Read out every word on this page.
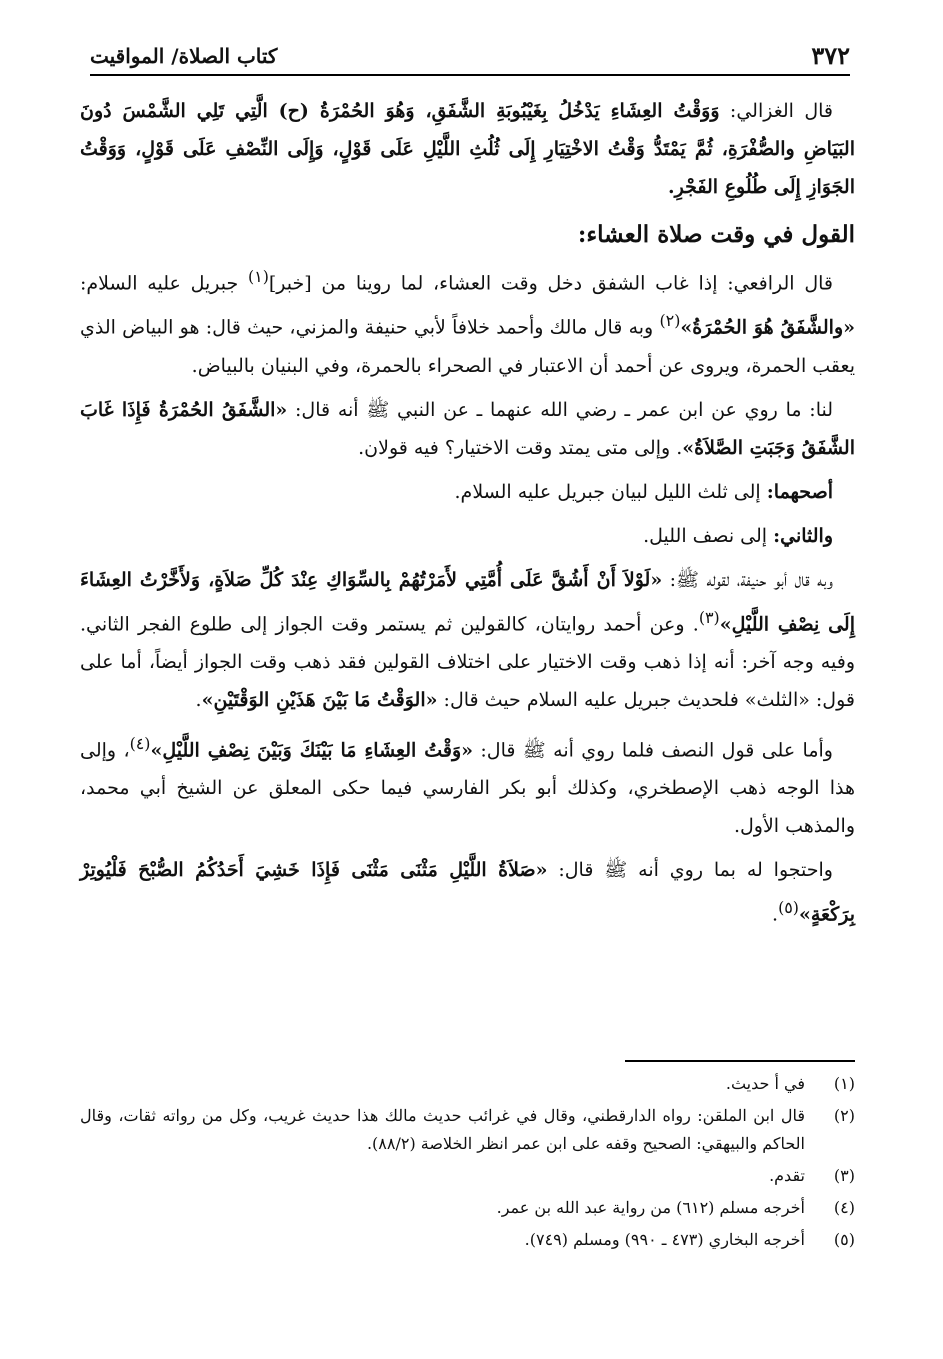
٣٧٢
كتاب الصلاة/ المواقيت

قال الغزالي: وَوَقْتُ العِشَاءِ يَدْخُلُ بِغَيْبُوبَةِ الشَّفَقِ، وَهُوَ الحُمْرَةُ (ح) الَّتِي تَلِي الشَّمْسَ دُونَ البَيَاضِ والصُّفْرَةِ، ثُمَّ يَمْتَدُّ وَقْتُ الاخْتِيَارِ إِلَى ثُلُثِ اللَّيْلِ عَلَى قَوْلٍ، وَإِلَى النِّصْفِ عَلَى قَوْلٍ، وَوَقْتُ الجَوَازِ إِلَى طُلُوعِ الفَجْرِ.

القول في وقت صلاة العشاء:

قال الرافعي: إذا غاب الشفق دخل وقت العشاء، لما روينا من [خبر]$^{(١)}$ جبريل عليه السلام: «والشَّفَقُ هُوَ الحُمْرَةُ»$^{(٢)}$ وبه قال مالك وأحمد خلافاً لأبي حنيفة والمزني، حيث قال: هو البياض الذي يعقب الحمرة، ويروى عن أحمد أن الاعتبار في الصحراء بالحمرة، وفي البنيان بالبياض.

لنا: ما روي عن ابن عمر ـ رضي الله عنهما ـ عن النبي ﷺ أنه قال: «الشَّفَقُ الحُمْرَةُ فَإِذَا غَابَ الشَّفَقُ وَجَبَتِ الصَّلاَةُ». وإلى متى يمتد وقت الاختيار؟ فيه قولان.

أصحهما: إلى ثلث الليل لبيان جبريل عليه السلام.

والثاني: إلى نصف الليل.

وبه قال أبو حنيفة، لقوله ﷺ: «لَوْلاَ أَنْ أَشُقَّ عَلَى أُمَّتِي لأَمَرْتُهُمْ بِالسِّوَاكِ عِنْدَ كُلِّ صَلاَةٍ، وَلأَخَّرْتُ العِشَاءَ إِلَى نِصْفِ اللَّيْلِ»$^{(٣)}$. وعن أحمد روايتان، كالقولين ثم يستمر وقت الجواز إلى طلوع الفجر الثاني. وفيه وجه آخر: أنه إذا ذهب وقت الاختيار على اختلاف القولين فقد ذهب وقت الجواز أيضاً، أما على قول: «الثلث» فلحديث جبريل عليه السلام حيث قال: «الوَقْتُ مَا بَيْنَ هَذَيْنِ الوَقْتَيْنِ».

وأما على قول النصف فلما روي أنه ﷺ قال: «وَقْتُ العِشَاءِ مَا بَيْنَكَ وَبَيْنَ نِصْفِ اللَّيْلِ»$^{(٤)}$، وإلى هذا الوجه ذهب الإصطخري، وكذلك أبو بكر الفارسي فيما حكى المعلق عن الشيخ أبي محمد، والمذهب الأول.

واحتجوا له بما روي أنه ﷺ قال: «صَلاَةُ اللَّيْلِ مَثْنَى مَثْنَى فَإِذَا خَشِيَ أَحَدُكُمُ الصُّبْحَ فَلْيُوتِرْ بِرَكْعَةٍ»$^{(٥)}$.

(١)
في أ حديث.
(٢)
قال ابن الملقن: رواه الدارقطني، وقال في غرائب حديث مالك هذا حديث غريب، وكل من رواته ثقات، وقال الحاكم والبيهقي: الصحيح وقفه على ابن عمر انظر الخلاصة (٨٨/٢).
(٣)
تقدم.
(٤)
أخرجه مسلم (٦١٢) من رواية عبد الله بن عمر.
(٥)
أخرجه البخاري (٤٧٣ ـ ٩٩٠) ومسلم (٧٤٩).
